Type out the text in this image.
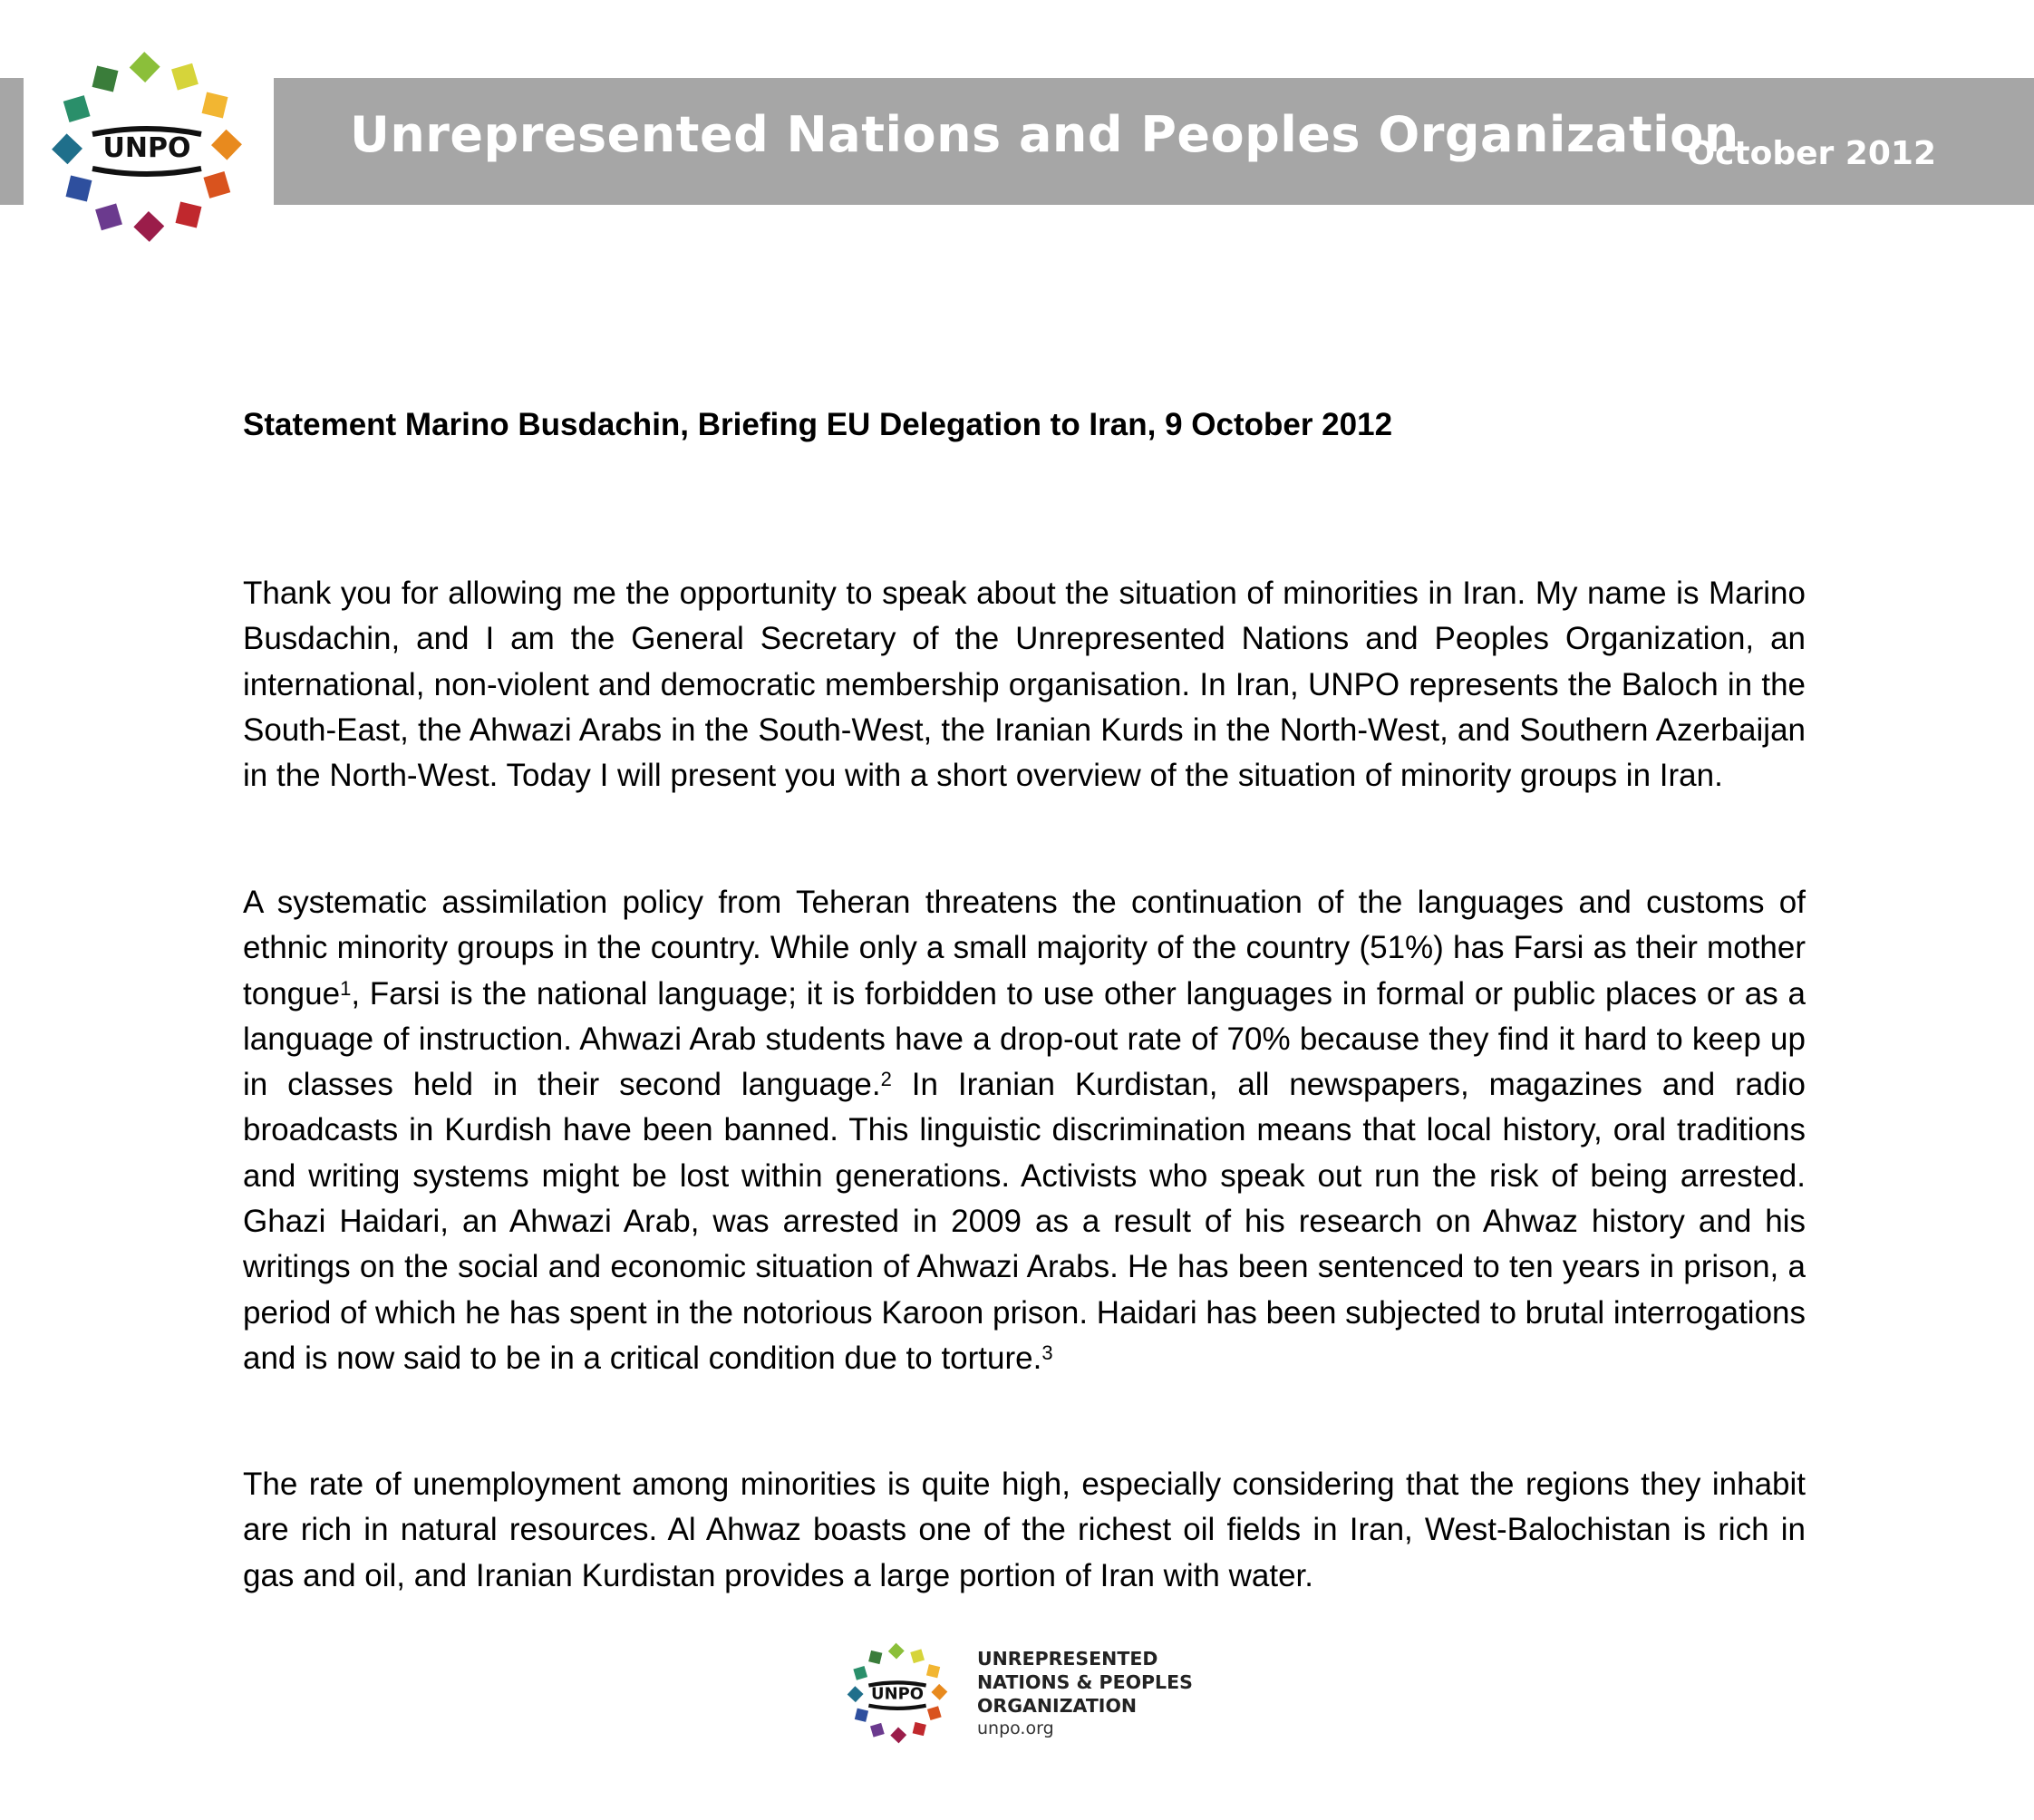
Unrepresented Nations and Peoples Organization
October 2012
UNPO
Statement Marino Busdachin, Briefing EU Delegation to Iran, 9 October 2012

Thank you for allowing me the opportunity to speak about the situation of minorities in Iran. My name is Marino Busdachin, and I am the General Secretary of the Unrepresented Nations and Peoples Organization, an international, non-violent and democratic membership organisation. In Iran, UNPO represents the Baloch in the South-East, the Ahwazi Arabs in the South-West, the Iranian Kurds in the North-West, and Southern Azerbaijan in the North-West. Today I will present you with a short overview of the situation of minority groups in Iran.

A systematic assimilation policy from Teheran threatens the continuation of the languages and customs of ethnic minority groups in the country. While only a small majority of the country (51%) has Farsi as their mother tongue$^1$, Farsi is the national language; it is forbidden to use other languages in formal or public places or as a language of instruction. Ahwazi Arab students have a drop-out rate of 70% because they find it hard to keep up in classes held in their second language.$^2$ In Iranian Kurdistan, all newspapers, magazines and radio broadcasts in Kurdish have been banned. This linguistic discrimination means that local history, oral traditions and writing systems might be lost within generations. Activists who speak out run the risk of being arrested. Ghazi Haidari, an Ahwazi Arab, was arrested in 2009 as a result of his research on Ahwaz history and his writings on the social and economic situation of Ahwazi Arabs. He has been sentenced to ten years in prison, a period of which he has spent in the notorious Karoon prison. Haidari has been subjected to brutal interrogations and is now said to be in a critical condition due to torture.$^3$

The rate of unemployment among minorities is quite high, especially considering that the regions they inhabit are rich in natural resources. Al Ahwaz boasts one of the richest oil fields in Iran, West-Balochistan is rich in gas and oil, and Iranian Kurdistan provides a large portion of Iran with water.

UNPO
UNREPRESENTED
NATIONS & PEOPLES
ORGANIZATION
unpo.org
